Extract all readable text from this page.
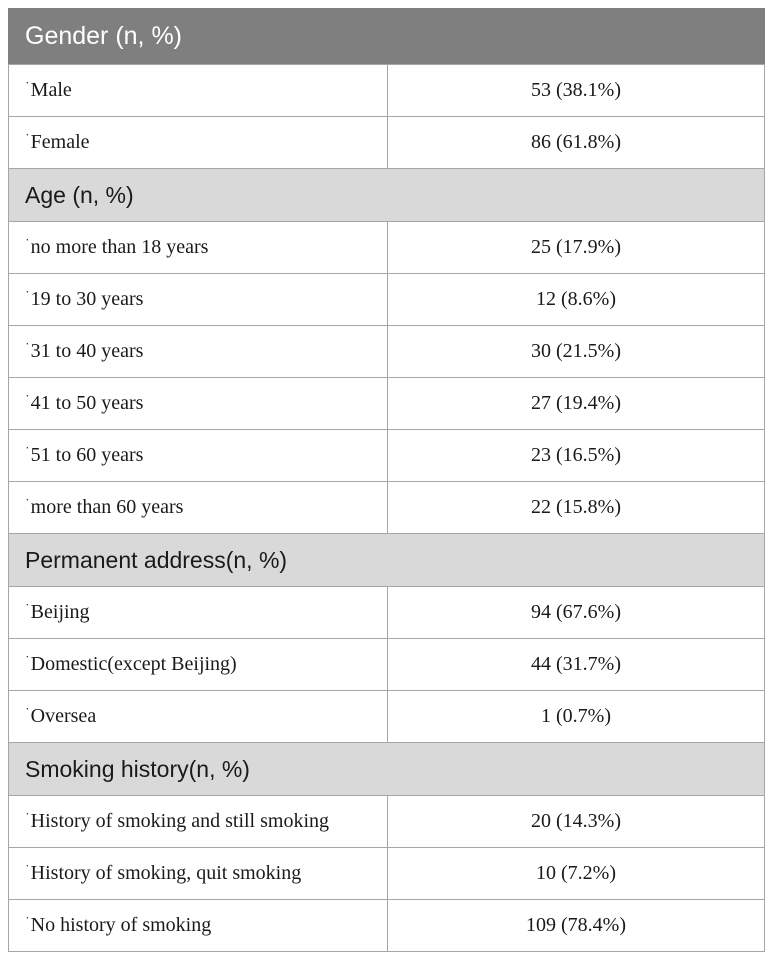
Gender (n, %)	
˙Male	53 (38.1%)
˙Female	86 (61.8%)
Age (n, %)	
˙no more than 18 years	25 (17.9%)
˙19 to 30 years	12 (8.6%)
˙31 to 40 years	30 (21.5%)
˙41 to 50 years	27 (19.4%)
˙51 to 60 years	23 (16.5%)
˙more than 60 years	22 (15.8%)
Permanent address(n, %)	
˙Beijing	94 (67.6%)
˙Domestic(except Beijing)	44 (31.7%)
˙Oversea	1 (0.7%)
Smoking history(n, %)	
˙History of smoking and still smoking	20 (14.3%)
˙History of smoking, quit smoking	10 (7.2%)
˙No history of smoking	109 (78.4%)
